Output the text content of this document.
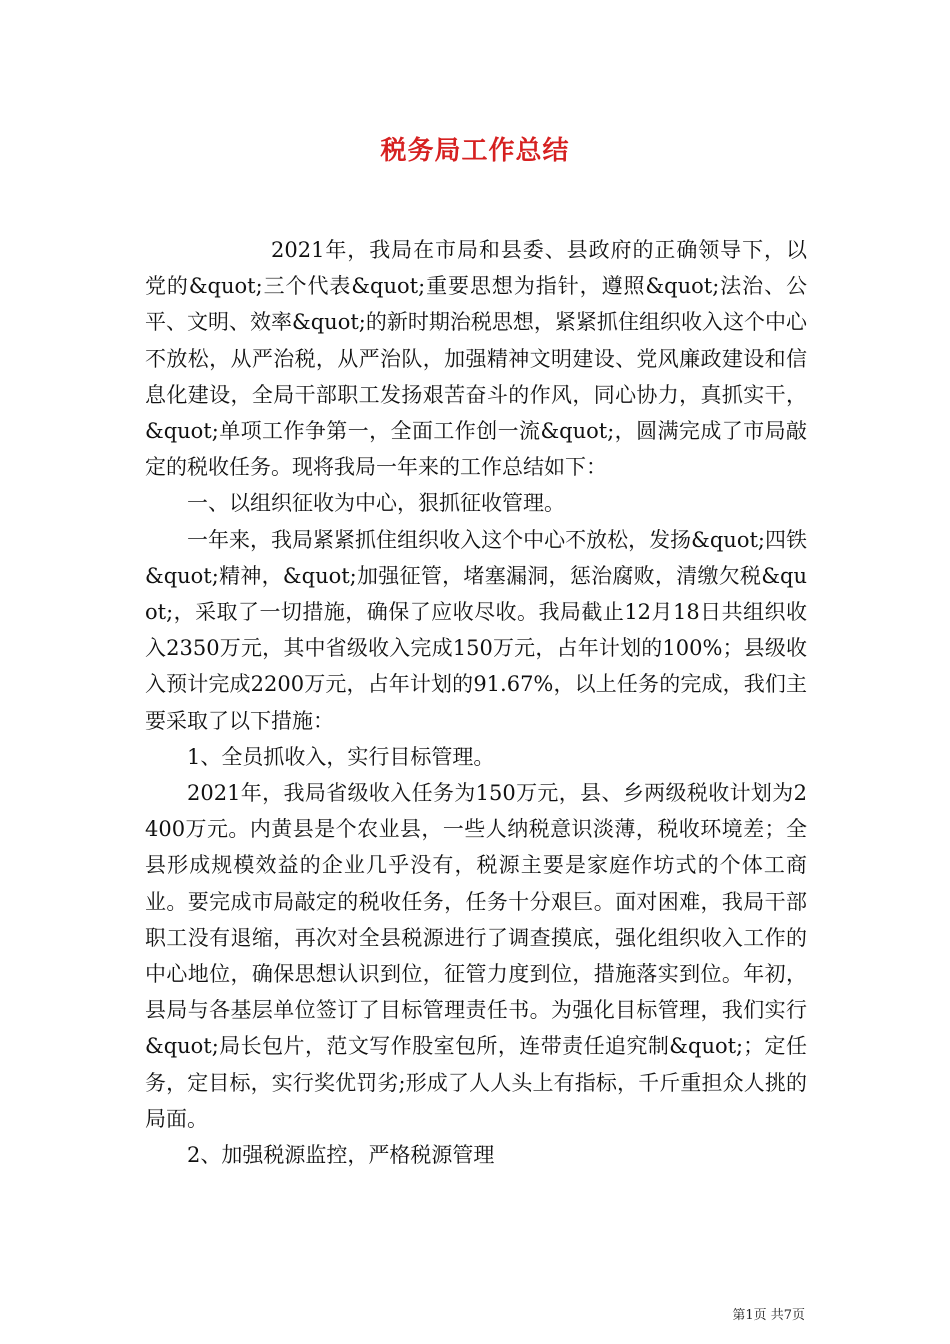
税务局工作总结

2021年，我局在市局和县委、县政府的正确领导下，以党的&quot;三个代表&quot;重要思想为指针，遵照&quot;法治、公平、文明、效率&quot;的新时期治税思想，紧紧抓住组织收入这个中心不放松，从严治税，从严治队，加强精神文明建设、党风廉政建设和信息化建设，全局干部职工发扬艰苦奋斗的作风，同心协力，真抓实干，&quot;单项工作争第一，全面工作创一流&quot;，圆满完成了市局敲定的税收任务。现将我局一年来的工作总结如下：

一、以组织征收为中心，狠抓征收管理。

一年来，我局紧紧抓住组织收入这个中心不放松，发扬&quot;四铁&quot;精神，&quot;加强征管，堵塞漏洞，惩治腐败，清缴欠税&quot;，采取了一切措施，确保了应收尽收。我局截止12月18日共组织收入2350万元，其中省级收入完成150万元，占年计划的100%；县级收入预计完成2200万元，占年计划的91.67%，以上任务的完成，我们主要采取了以下措施：

1、全员抓收入，实行目标管理。

2021年，我局省级收入任务为150万元，县、乡两级税收计划为2400万元。内黄县是个农业县，一些人纳税意识淡薄，税收环境差；全县形成规模效益的企业几乎没有，税源主要是家庭作坊式的个体工商业。要完成市局敲定的税收任务，任务十分艰巨。面对困难，我局干部职工没有退缩，再次对全县税源进行了调查摸底，强化组织收入工作的中心地位，确保思想认识到位，征管力度到位，措施落实到位。年初，县局与各基层单位签订了目标管理责任书。为强化目标管理，我们实行&quot;局长包片，范文写作股室包所，连带责任追究制&quot;；定任务，定目标，实行奖优罚劣;形成了人人头上有指标，千斤重担众人挑的局面。

2、加强税源监控，严格税源管理

第1页 共7页
